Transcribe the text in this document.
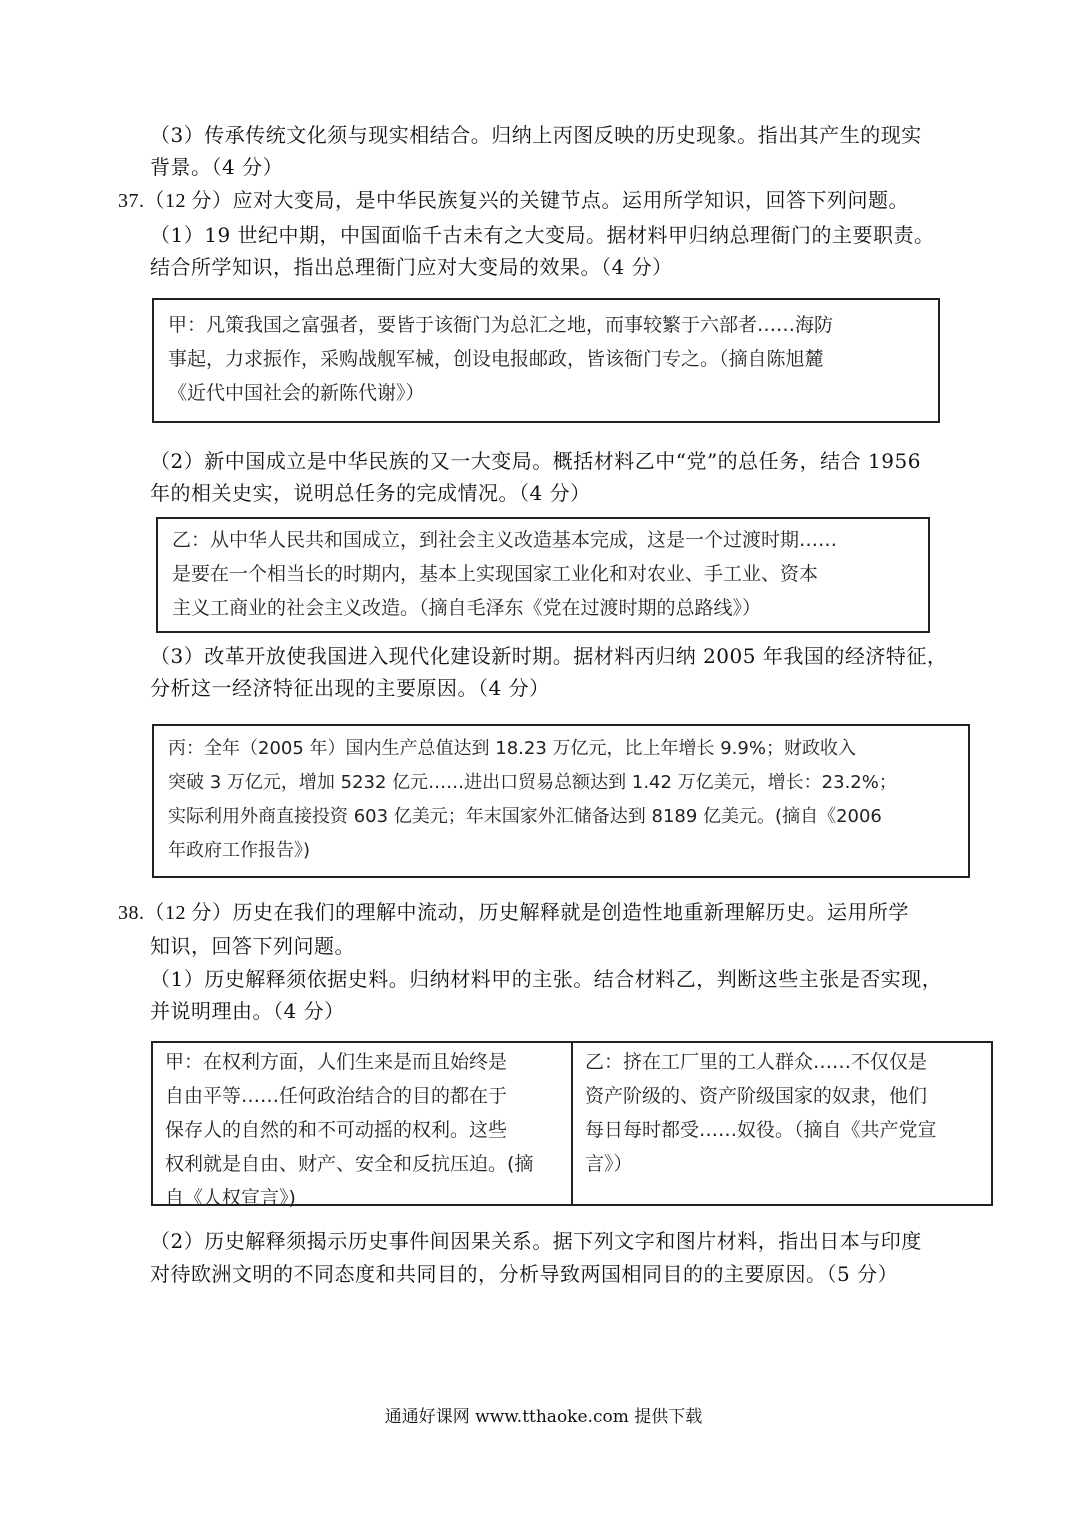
（3）传承传统文化须与现实相结合。归纳上丙图反映的历史现象。指出其产生的现实
背景。（4 分）
37.（12 分）应对大变局，是中华民族复兴的关键节点。运用所学知识，回答下列问题。
（1）19 世纪中期，中国面临千古未有之大变局。据材料甲归纳总理衙门的主要职责。
结合所学知识，指出总理衙门应对大变局的效果。（4 分）
甲：凡策我国之富强者，要皆于该衙门为总汇之地，而事较繁于六部者……海防
事起，力求振作，采购战舰军械，创设电报邮政，皆该衙门专之。（摘自陈旭麓
《近代中国社会的新陈代谢》）
（2）新中国成立是中华民族的又一大变局。概括材料乙中“党”的总任务，结合 1956
年的相关史实，说明总任务的完成情况。（4 分）
乙：从中华人民共和国成立，到社会主义改造基本完成，这是一个过渡时期……
是要在一个相当长的时期内，基本上实现国家工业化和对农业、手工业、资本
主义工商业的社会主义改造。（摘自毛泽东《党在过渡时期的总路线》）
（3）改革开放使我国进入现代化建设新时期。据材料丙归纳 2005 年我国的经济特征，
分析这一经济特征出现的主要原因。（4 分）
丙：全年（2005 年）国内生产总值达到 18.23 万亿元，比上年增长 9.9%；财政收入
突破 3 万亿元，增加 5232 亿元……进出口贸易总额达到 1.42 万亿美元，增长：23.2%；
实际利用外商直接投资 603 亿美元；年末国家外汇储备达到 8189 亿美元。(摘自《2006
年政府工作报告》)
38.（12 分）历史在我们的理解中流动，历史解释就是创造性地重新理解历史。运用所学
知识，回答下列问题。
（1）历史解释须依据史料。归纳材料甲的主张。结合材料乙，判断这些主张是否实现，
并说明理由。（4 分）
甲：在权利方面，人们生来是而且始终是
自由平等……任何政治结合的目的都在于
保存人的自然的和不可动摇的权利。这些
权利就是自由、财产、安全和反抗压迫。(摘
自《人权宣言》)
乙：挤在工厂里的工人群众……不仅仅是
资产阶级的、资产阶级国家的奴隶，他们
每日每时都受……奴役。（摘自《共产党宣
言》）
（2）历史解释须揭示历史事件间因果关系。据下列文字和图片材料，指出日本与印度
对待欧洲文明的不同态度和共同目的，分析导致两国相同目的的主要原因。（5 分）
通通好课网 www.tthaoke.com 提供下载
